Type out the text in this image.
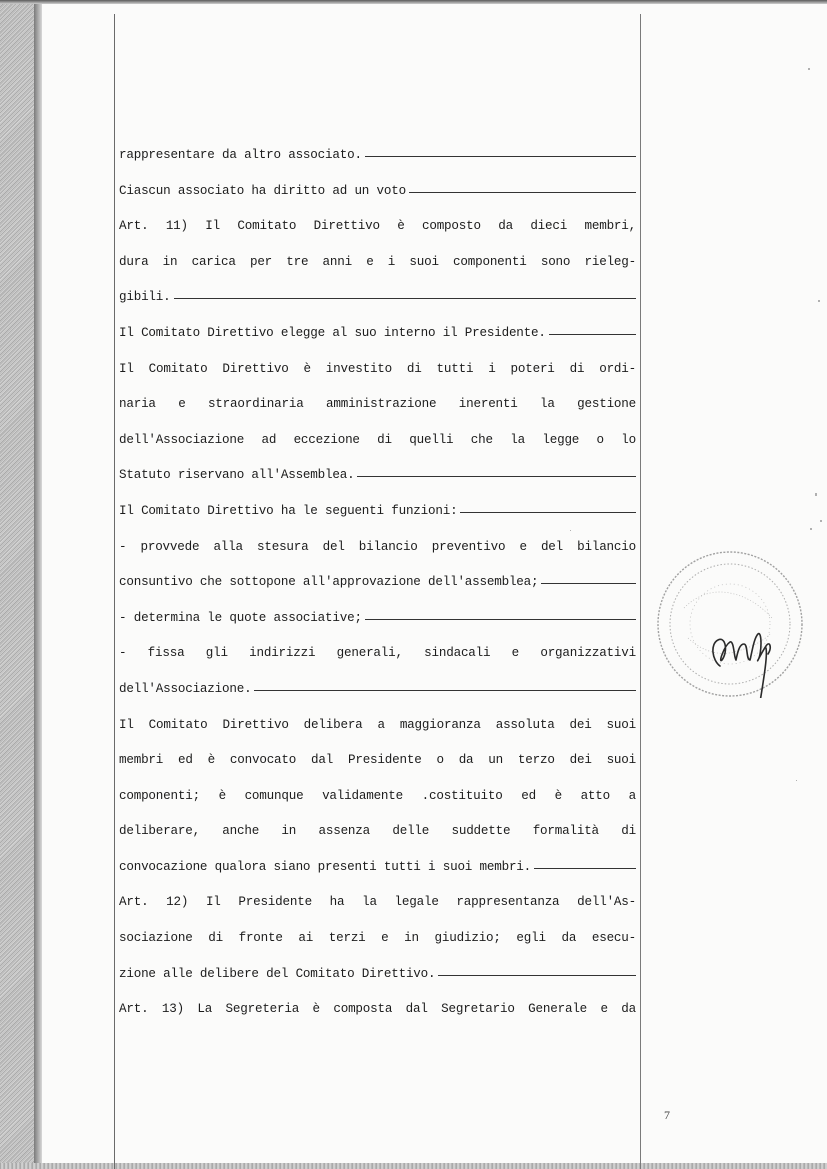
rappresentare da altro associato.
Ciascun associato ha diritto ad un voto
Art. 11) Il Comitato Direttivo è composto da dieci membri,
dura in carica per tre anni e i suoi componenti sono rieleg-
gibili.
Il Comitato Direttivo elegge al suo interno il Presidente.
Il Comitato Direttivo è investito di tutti i poteri di ordi-
naria e straordinaria amministrazione inerenti la gestione
dell'Associazione ad eccezione di quelli che la legge o lo
Statuto riservano all'Assemblea.
Il Comitato Direttivo ha le seguenti funzioni:
- provvede alla stesura del bilancio preventivo e del bilancio
consuntivo che sottopone all'approvazione dell'assemblea;
- determina le quote associative;
- fissa gli indirizzi generali, sindacali e organizzativi
dell'Associazione.
Il Comitato Direttivo delibera a maggioranza assoluta dei suoi
membri ed è convocato dal Presidente o da un terzo dei suoi
componenti; è comunque validamente .costituito ed è atto a
deliberare, anche in assenza delle suddette formalità di
convocazione qualora siano presenti tutti i suoi membri.
Art. 12) Il Presidente ha la legale rappresentanza dell'As-
sociazione di fronte ai terzi e in giudizio; egli da esecu-
zione alle delibere del Comitato Direttivo.
Art. 13) La Segreteria è composta dal Segretario Generale e da
7
